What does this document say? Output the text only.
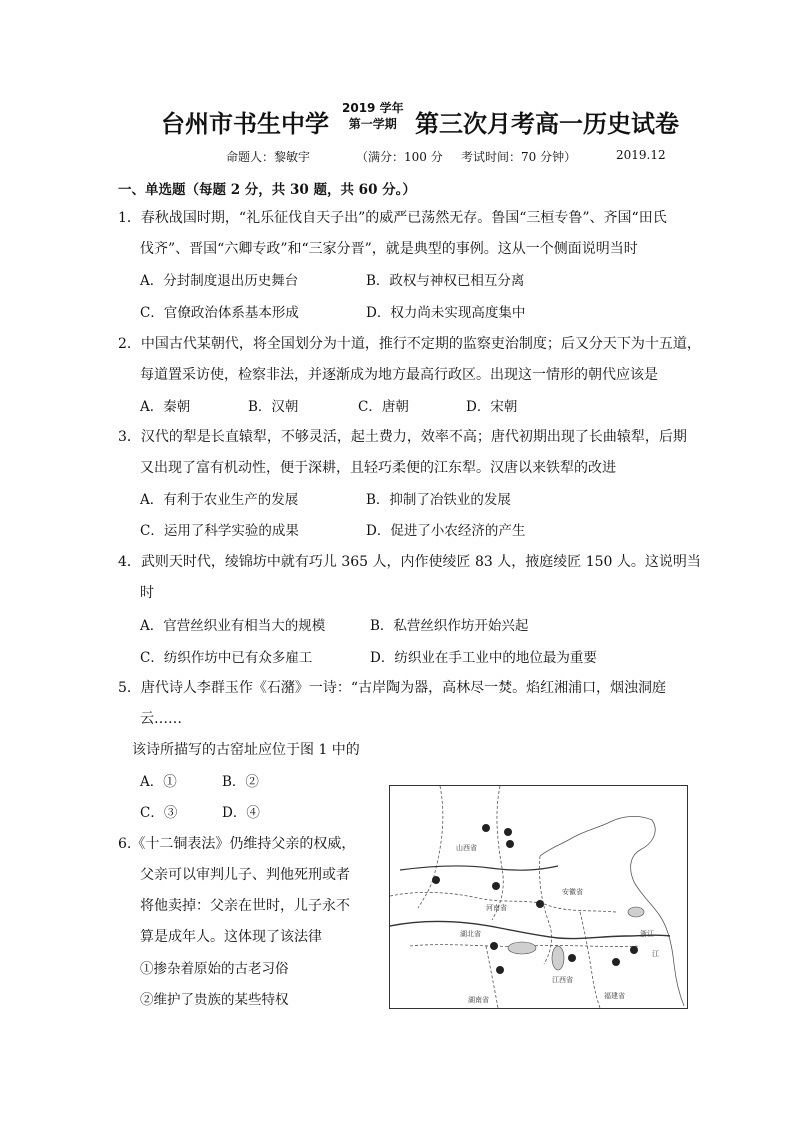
台州市书生中学
2019 学年
第一学期 第三次月考高一历史试卷
命题人：黎敏宇	（满分：100 分 考试时间：70 分钟）	2019.12
一、单选题（每题 2 分，共 30 题，共 60 分。）
1．春秋战国时期，“礼乐征伐自天子出”的威严已荡然无存。鲁国“三桓专鲁”、齐国“田氏
伐齐”、晋国“六卿专政”和“三家分晋”，就是典型的事例。这从一个侧面说明当时
A．分封制度退出历史舞台	B．政权与神权已相互分离
C．官僚政治体系基本形成	D．权力尚未实现高度集中
2．中国古代某朝代，将全国划分为十道，推行不定期的监察吏治制度；后又分天下为十五道，
每道置采访使，检察非法，并逐渐成为地方最高行政区。出现这一情形的朝代应该是
A．秦朝	B．汉朝	C．唐朝	D．宋朝
3．汉代的犁是长直辕犁，不够灵活，起土费力，效率不高；唐代初期出现了长曲辕犁，后期
又出现了富有机动性，便于深耕，且轻巧柔便的江东犁。汉唐以来铁犁的改进
A．有利于农业生产的发展	B．抑制了冶铁业的发展
C．运用了科学实验的成果	D．促进了小农经济的产生
4．武则天时代，绫锦坊中就有巧儿 365 人，内作使绫匠 83 人，掖庭绫匠 150 人。这说明当
时
A．官营丝织业有相当大的规模	B．私营丝织作坊开始兴起
C．纺织作坊中已有众多雇工	D．纺织业在手工业中的地位最为重要
5．唐代诗人李群玉作《石潴》一诗：“古岸陶为器，高林尽一焚。焰红湘浦口，烟浊洞庭
云……
该诗所描写的古窑址应位于图 1 中的
A．①	B．②
C．③	D．④
6.《十二铜表法》仍维持父亲的权威，
父亲可以审判儿子、判他死刑或者
将他卖掉：父亲在世时，儿子永不
算是成年人。这体现了该法律
①掺杂着原始的古老习俗
②维护了贵族的某些特权
山西省
安徽省
河南省
湖北省
江西省
湖南省	福建省
浙江
江
